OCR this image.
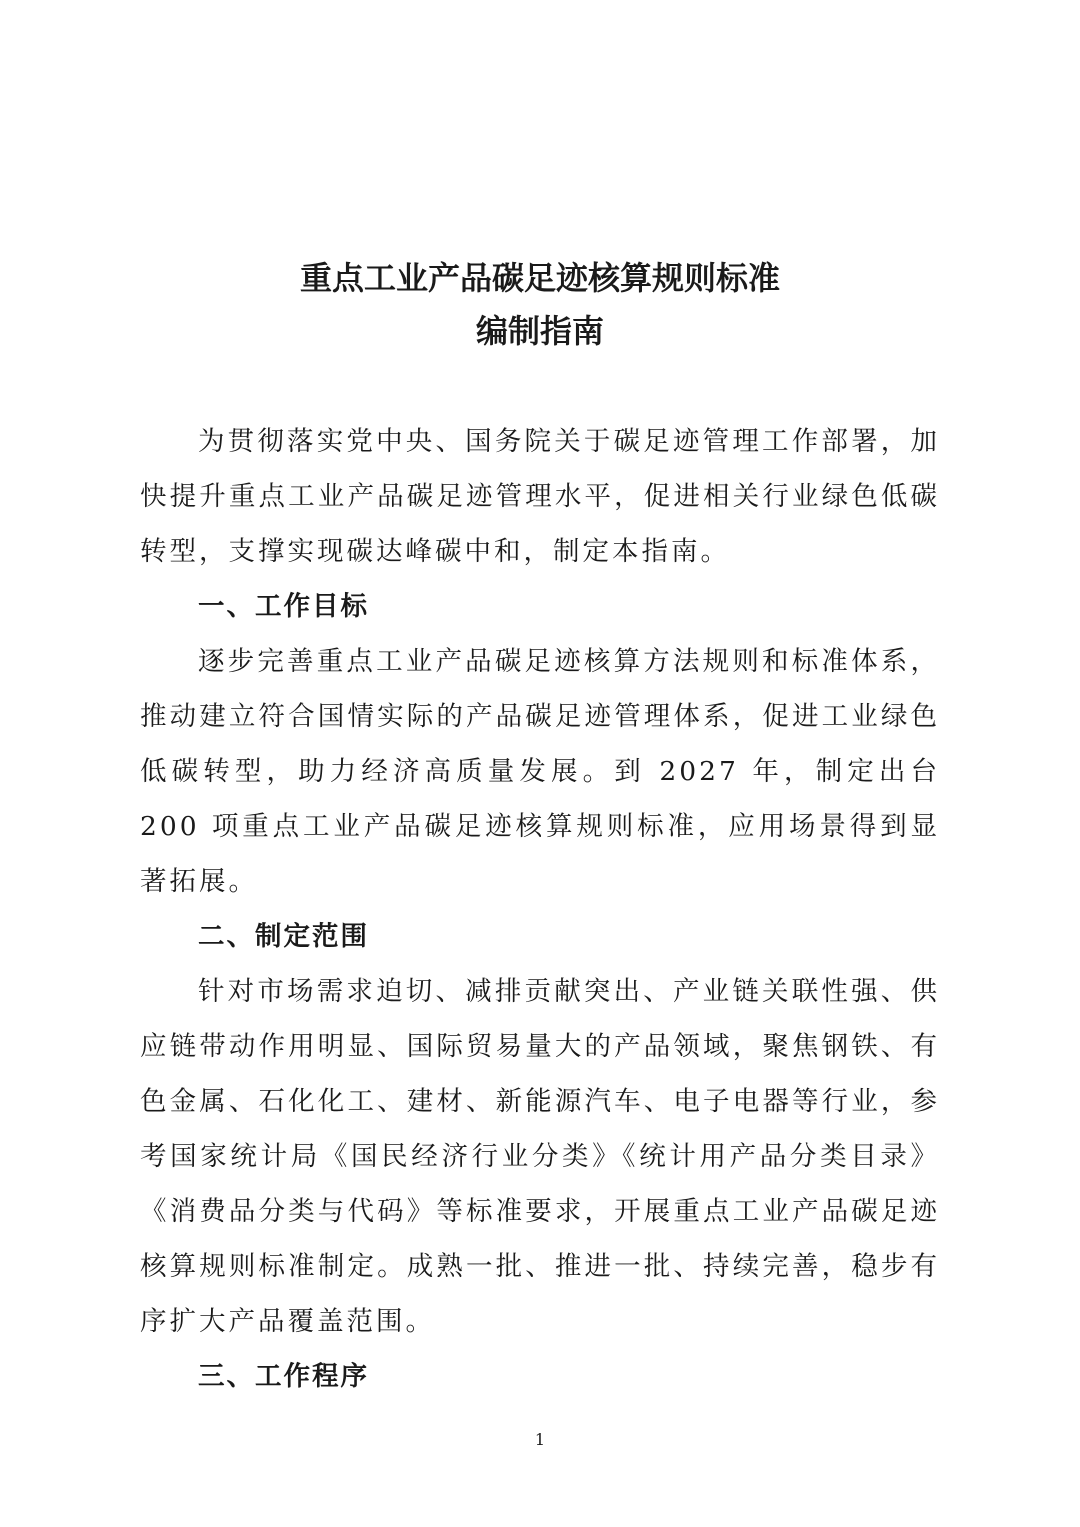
重点工业产品碳足迹核算规则标准
编制指南

为贯彻落实党中央、国务院关于碳足迹管理工作部署，加快提升重点工业产品碳足迹管理水平，促进相关行业绿色低碳转型，支撑实现碳达峰碳中和，制定本指南。

一、工作目标

逐步完善重点工业产品碳足迹核算方法规则和标准体系，推动建立符合国情实际的产品碳足迹管理体系，促进工业绿色低碳转型，助力经济高质量发展。到 2027 年，制定出台 200 项重点工业产品碳足迹核算规则标准，应用场景得到显著拓展。

二、制定范围

针对市场需求迫切、减排贡献突出、产业链关联性强、供应链带动作用明显、国际贸易量大的产品领域，聚焦钢铁、有色金属、石化化工、建材、新能源汽车、电子电器等行业，参考国家统计局《国民经济行业分类》《统计用产品分类目录》《消费品分类与代码》等标准要求，开展重点工业产品碳足迹核算规则标准制定。成熟一批、推进一批、持续完善，稳步有序扩大产品覆盖范围。

三、工作程序

1
